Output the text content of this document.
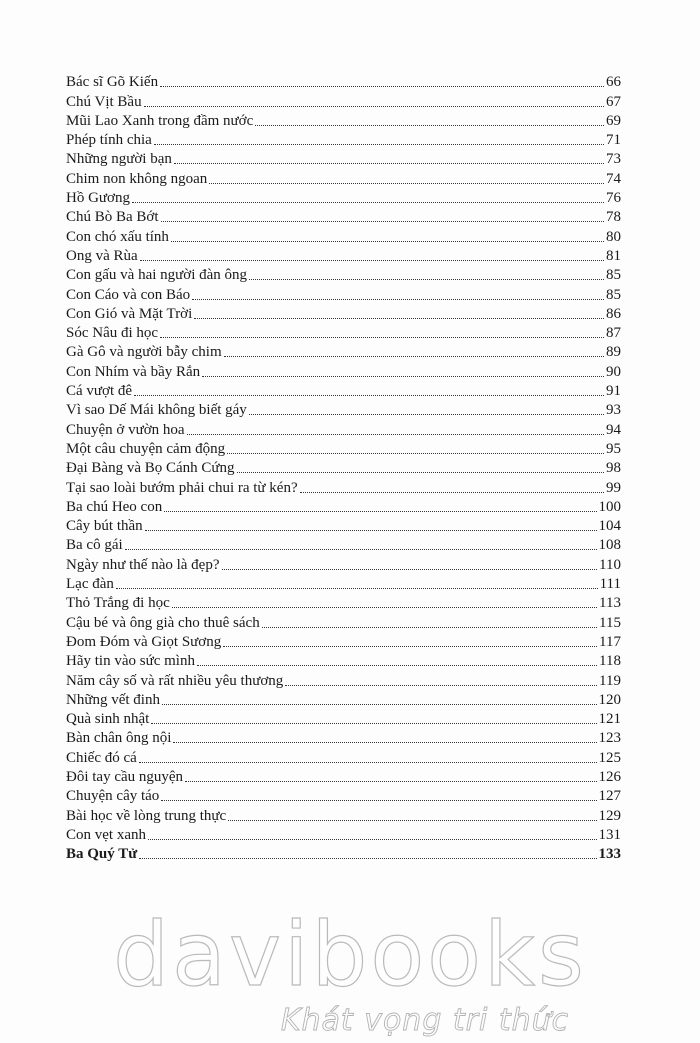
Bác sĩ Gõ Kiến	66
Chú Vịt Bầu	67
Mũi Lao Xanh trong đầm nước	69
Phép tính chia	71
Những người bạn	73
Chim non không ngoan	74
Hồ Gương	76
Chú Bò Ba Bớt	78
Con chó xấu tính	80
Ong và Rùa	81
Con gấu và hai người đàn ông	85
Con Cáo và con Báo	85
Con Gió và Mặt Trời	86
Sóc Nâu đi học	87
Gà Gô và người bẫy chim	89
Con Nhím và bầy Rắn	90
Cá vượt đê	91
Vì sao Dế Mái không biết gáy	93
Chuyện ở vườn hoa	94
Một câu chuyện cảm động	95
Đại Bàng và Bọ Cánh Cứng	98
Tại sao loài bướm phải chui ra từ kén?	99
Ba chú Heo con	100
Cây bút thần	104
Ba cô gái	108
Ngày như thế nào là đẹp?	110
Lạc đàn	111
Thỏ Trắng đi học	113
Cậu bé và ông già cho thuê sách	115
Đom Đóm và Giọt Sương	117
Hãy tin vào sức mình	118
Năm cây số và rất nhiều yêu thương	119
Những vết đinh	120
Quà sinh nhật	121
Bàn chân ông nội	123
Chiếc đó cá	125
Đôi tay cầu nguyện	126
Chuyện cây táo	127
Bài học về lòng trung thực	129
Con vẹt xanh	131
Ba Quý Tử	133
davibooks
Khát vọng tri thức
